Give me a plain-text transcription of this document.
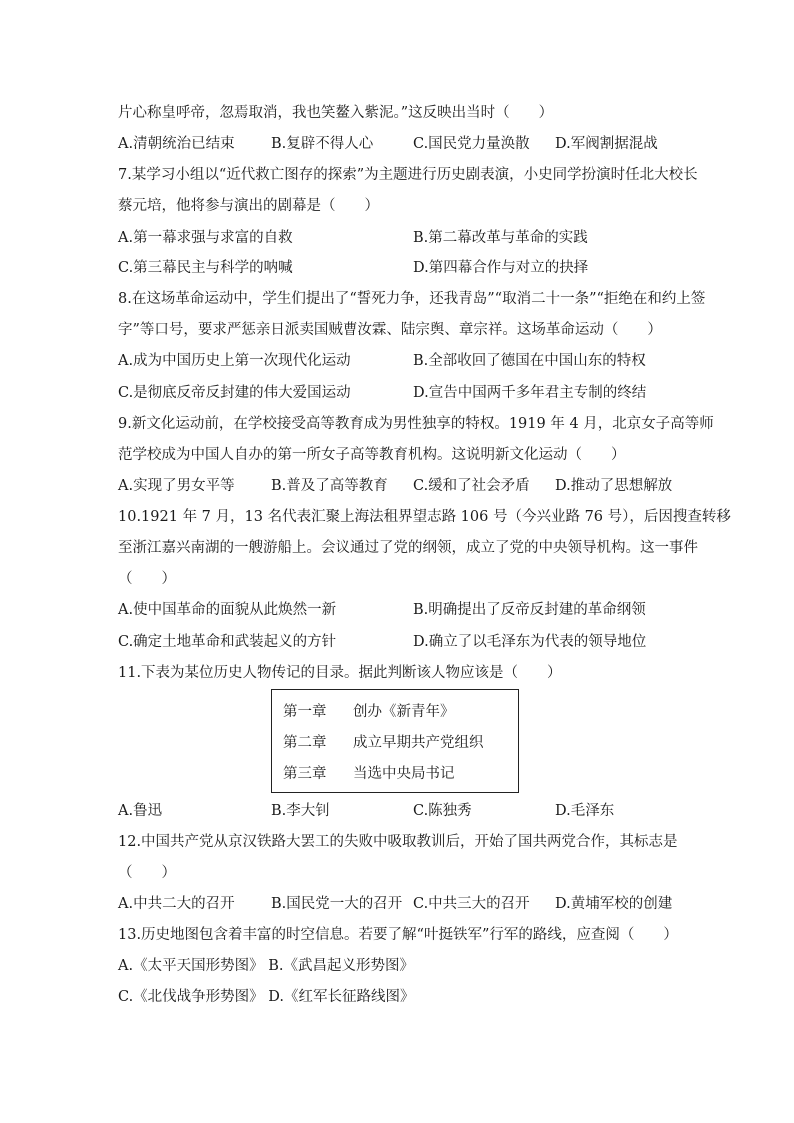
片心称皇呼帝，忽焉取消，我也笑鳌入紫泥。”这反映出当时（　　）
A.清朝统治已结束	B.复辟不得人心	C.国民党力量涣散 D.军阀割据混战
7.某学习小组以“近代救亡图存的探索”为主题进行历史剧表演，小史同学扮演时任北大校长
蔡元培，他将参与演出的剧幕是（　　）
A.第一幕求强与求富的自救	B.第二幕改革与革命的实践
C.第三幕民主与科学的呐喊	D.第四幕合作与对立的抉择
8.在这场革命运动中，学生们提出了“誓死力争，还我青岛”“取消二十一条”“拒绝在和约上签
字”等口号，要求严惩亲日派卖国贼曹汝霖、陆宗舆、章宗祥。这场革命运动（　　）
A.成为中国历史上第一次现代化运动	B.全部收回了德国在中国山东的特权
C.是彻底反帝反封建的伟大爱国运动	D.宣告中国两千多年君主专制的终结
9.新文化运动前，在学校接受高等教育成为男性独享的特权。1919 年 4 月，北京女子高等师
范学校成为中国人自办的第一所女子高等教育机构。这说明新文化运动（　　）
A.实现了男女平等	B.普及了高等教育 C.缓和了社会矛盾 D.推动了思想解放
10.1921 年 7 月，13 名代表汇聚上海法租界望志路 106 号（今兴业路 76 号），后因搜查转移
至浙江嘉兴南湖的一艘游船上。会议通过了党的纲领，成立了党的中央领导机构。这一事件
（　　）
A.使中国革命的面貌从此焕然一新	B.明确提出了反帝反封建的革命纲领
C.确定土地革命和武装起义的方针	D.确立了以毛泽东为代表的领导地位
11.下表为某位历史人物传记的目录。据此判断该人物应该是（　　）
第一章 创办《新青年》
第二章 成立早期共产党组织
第三章 当选中央局书记
A.鲁迅	B.李大钊	C.陈独秀	D.毛泽东
12.中国共产党从京汉铁路大罢工的失败中吸取教训后，开始了国共两党合作，其标志是
（　　）
A.中共二大的召开	B.国民党一大的召开 C.中共三大的召开 D.黄埔军校的创建
13.历史地图包含着丰富的时空信息。若要了解“叶挺铁军”行军的路线，应查阅（　　）
A.《太平天国形势图》 B.《武昌起义形势图》
C.《北伐战争形势图》 D.《红军长征路线图》
